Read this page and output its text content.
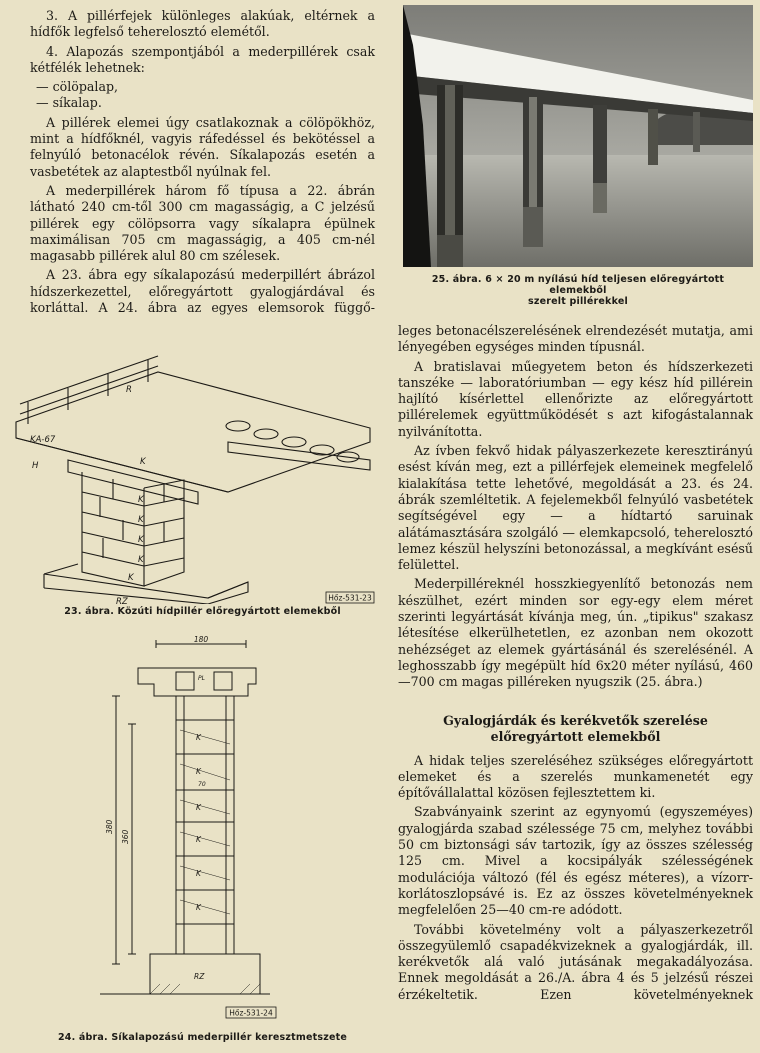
3. A pillérfejek különleges alakúak, eltérnek a hídfők legfelső teherelosztó elemétől.

4. Alapozás szempontjából a mederpillérek csak kétfélék lehetnek:

— cölöpalap,

— síkalap.

A pillérek elemei úgy csatlakoznak a cölöpökhöz, mint a hídfőknél, vagyis ráfedéssel és bekötéssel a felnyúló betonacélok révén. Síkalapozás esetén a vasbetétek az alaptestből nyúlnak fel.

A mederpillérek három fő típusa a 22. ábrán látható 240 cm-től 300 cm magasságig, a C jelzésű pillérek egy cölöpsorra vagy síkalapra épülnek maximálisan 705 cm magasságig, a 405 cm-nél magasabb pillérek alul 80 cm szélesek.

A 23. ábra egy síkalapozású mederpillért ábrázol hídszerkezettel, előregyártott gyalogjárdával és korláttal. A 24. ábra az egyes elemsorok függő-

25. ábra. 6 × 20 m nyílású híd teljesen előregyártott elemekből
szerelt pillérekkel
R
KA-67
H	K
K
K
K
K
K
RZ	Hőz-531-23
23. ábra. Közúti hídpillér előregyártott elemekből
180
PL
K
K
70
K
K
K
K
RZ
380
360
Hőz-531-24
24. ábra. Síkalapozású mederpillér keresztmetszete

leges betonacélszerelésének elrendezését mutatja, ami lényegében egységes minden típusnál.

A bratislavai műegyetem beton és hídszerkezeti tanszéke — laboratóriumban — egy kész híd pillérein hajlító kísérlettel ellenőrizte az előregyártott pillérelemek együttműködését s azt kifogástalannak nyilvánította.

Az ívben fekvő hidak pályaszerkezete keresztirányú esést kíván meg, ezt a pillérfejek elemeinek megfelelő kialakítása tette lehetővé, megoldását a 23. és 24. ábrák szemléltetik. A fejelemekből felnyúló vasbetétek segítségével egy — a hídtartó saruinak alátámasztására szolgáló — elemkapcsoló, teherelosztó lemez készül helyszíni betonozással, a megkívánt esésű felülettel.

Mederpilléreknél hosszkiegyenlítő betonozás nem készülhet, ezért minden sor egy-egy elem méret szerinti legyártását kívánja meg, ún. „tipikus" szakasz létesítése elkerülhetetlen, ez azonban nem okozott nehézséget az elemek gyártásánál és szerelésénél. A leghosszabb így megépült híd 6x20 méter nyílású, 460—700 cm magas pilléreken nyugszik (25. ábra.)

Gyalogjárdák és kerékvetők szerelése
előregyártott elemekből

A hidak teljes szereléséhez szükséges előregyártott elemeket és a szerelés munkamenetét egy építővállalattal közösen fejlesztettem ki.

Szabványaink szerint az egynyomú (egyszeméyes) gyalogjárda szabad szélessége 75 cm, melyhez további 50 cm biztonsági sáv tartozik, így az összes szélesség 125 cm. Mivel a kocsipályák szélességének modulációja változó (fél és egész méteres), a vízorr-korlátoszlopsávé is. Ez az összes követelményeknek megfelelően 25—40 cm-re adódott.

További követelmény volt a pályaszerkezetről összegyülemlő csapadékvizeknek a gyalogjárdák, ill. kerékvetők alá való jutásának megakadályozása. Ennek megoldását a 26./A. ábra 4 és 5 jelzésű részei érzékeltetik. Ezen követelményeknek
